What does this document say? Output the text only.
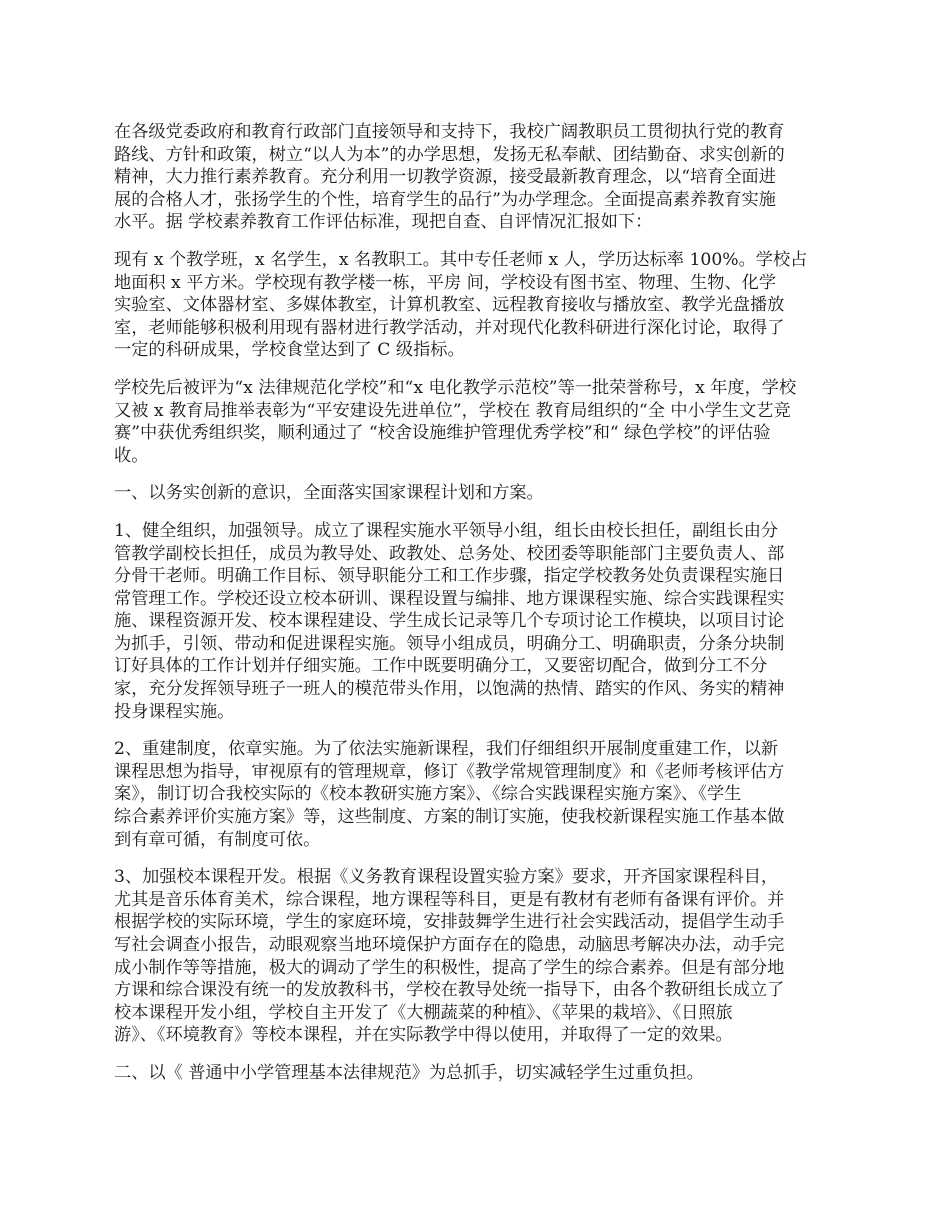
在各级党委政府和教育行政部门直接领导和支持下，我校广阔教职员工贯彻执行党的教育
路线、方针和政策，树立“以人为本”的办学思想，发扬无私奉献、团结勤奋、求实创新的
精神，大力推行素养教育。充分利用一切教学资源，接受最新教育理念，以“培育全面进
展的合格人才，张扬学生的个性，培育学生的品行”为办学理念。全面提高素养教育实施
水平。据 学校素养教育工作评估标准，现把自查、自评情况汇报如下：

现有 x 个教学班，x 名学生，x 名教职工。其中专任老师 x 人，学历达标率 100%。学校占
地面积 x 平方米。学校现有教学楼一栋，平房 间，学校设有图书室、物理、生物、化学
实验室、文体器材室、多媒体教室，计算机教室、远程教育接收与播放室、教学光盘播放
室，老师能够积极利用现有器材进行教学活动，并对现代化教科研进行深化讨论，取得了
一定的科研成果，学校食堂达到了 C 级指标。

学校先后被评为“x 法律规范化学校”和“x 电化教学示范校”等一批荣誉称号，x 年度，学校
又被 x 教育局推举表彰为“平安建设先进单位”，学校在 教育局组织的“全 中小学生文艺竞
赛”中获优秀组织奖，顺利通过了 “校舍设施维护管理优秀学校”和“ 绿色学校”的评估验
收。

一、以务实创新的意识，全面落实国家课程计划和方案。

1、健全组织，加强领导。成立了课程实施水平领导小组，组长由校长担任，副组长由分
管教学副校长担任，成员为教导处、政教处、总务处、校团委等职能部门主要负责人、部
分骨干老师。明确工作目标、领导职能分工和工作步骤，指定学校教务处负责课程实施日
常管理工作。学校还设立校本研训、课程设置与编排、地方课课程实施、综合实践课程实
施、课程资源开发、校本课程建设、学生成长记录等几个专项讨论工作模块，以项目讨论
为抓手，引领、带动和促进课程实施。领导小组成员，明确分工、明确职责，分条分块制
订好具体的工作计划并仔细实施。工作中既要明确分工，又要密切配合，做到分工不分
家，充分发挥领导班子一班人的模范带头作用，以饱满的热情、踏实的作风、务实的精神
投身课程实施。

2、重建制度，依章实施。为了依法实施新课程，我们仔细组织开展制度重建工作，以新
课程思想为指导，审视原有的管理规章，修订《教学常规管理制度》和《老师考核评估方
案》，制订切合我校实际的《校本教研实施方案》、《综合实践课程实施方案》、《学生
综合素养评价实施方案》等，这些制度、方案的制订实施，使我校新课程实施工作基本做
到有章可循，有制度可依。

3、加强校本课程开发。根据《义务教育课程设置实验方案》要求，开齐国家课程科目，
尤其是音乐体育美术，综合课程，地方课程等科目，更是有教材有老师有备课有评价。并
根据学校的实际环境，学生的家庭环境，安排鼓舞学生进行社会实践活动，提倡学生动手
写社会调查小报告，动眼观察当地环境保护方面存在的隐患，动脑思考解决办法，动手完
成小制作等等措施，极大的调动了学生的积极性，提高了学生的综合素养。但是有部分地
方课和综合课没有统一的发放教科书，学校在教导处统一指导下，由各个教研组长成立了
校本课程开发小组，学校自主开发了《大棚蔬菜的种植》、《苹果的栽培》、《日照旅
游》、《环境教育》等校本课程，并在实际教学中得以使用，并取得了一定的效果。

二、以《 普通中小学管理基本法律规范》为总抓手，切实减轻学生过重负担。
